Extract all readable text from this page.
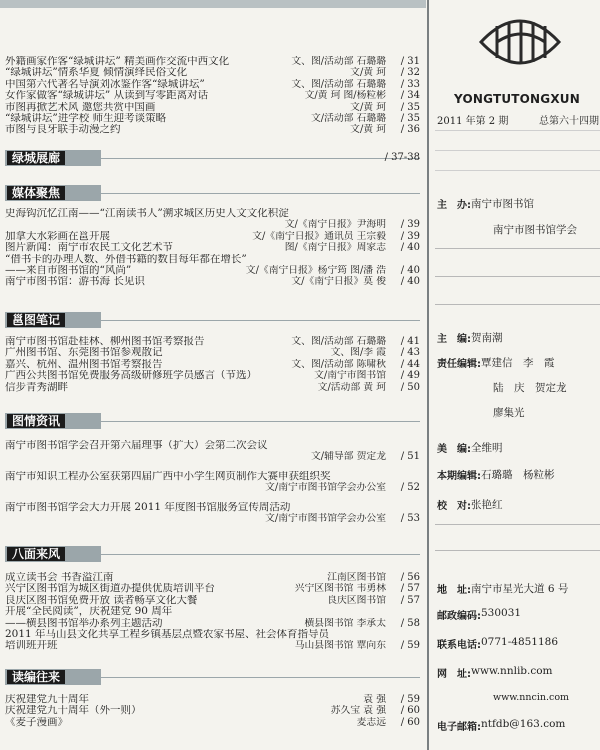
外籍画家作客“绿城讲坛” 精美画作交流中西文化	文、图/活动部 石璐璐	/ 31
“绿城讲坛”情系华夏 倾情演绎民俗文化	文/黄 珂	/ 32
中国第六代著名导演刘冰鉴作客“绿城讲坛”	文、图/活动部 石璐璐	/ 33
女作家做客“绿城讲坛” 从读到写零距离对话	文/黄 珂 图/杨粒彬	/ 34
市图再掀艺术风 邀您共赏中国画	文/黄 珂	/ 35
“绿城讲坛”进学校 师生迎考谈策略	文/活动部 石璐璐	/ 35
市图与良牙联手动漫之约	文/黄 珂	/ 36
绿城展廊	/ 37-38
媒体聚焦
史海钩沉忆江南——“江南读书人”溯求城区历史人文文化积淀
文/《南宁日报》尹海明	/ 39
加拿大水彩画在邕开展	文/《南宁日报》通讯员 王宗毅	/ 39
图片新闻：南宁市农民工文化艺术节	图/《南宁日报》周家志	/ 40
“借书卡的办理人数、外借书籍的数目每年都在增长”
——来自市图书馆的“风尚”	文/《南宁日报》杨宁筠 图/潘 浩	/ 40
南宁市图书馆：游书海 长见识	文/《南宁日报》莫 俊	/ 40
邕图笔记
南宁市图书馆赴桂林、柳州图书馆考察报告	文、图/活动部 石璐璐	/ 41
广州图书馆、东莞图书馆参观散记	文、图/李 霞	/ 43
嘉兴、杭州、温州图书馆考察报告	文、图/活动部 陈啸秋	/ 44
广西公共图书馆免费服务高级研修班学员感言（节选）	文/南宁市图书馆	/ 49
信步青秀湖畔	文/活动部 黄 珂	/ 50
图情资讯
南宁市图书馆学会召开第六届理事（扩大）会第二次会议
文/辅导部 贺定龙	/ 51
南宁市知识工程办公室获第四届广西中小学生网页制作大赛申获组织奖
文/南宁市图书馆学会办公室	/ 52
南宁市图书馆学会大力开展 2011 年度图书馆服务宣传周活动
文/南宁市图书馆学会办公室	/ 53
八面来风
成立读书会 书香溢江南	江南区图书馆	/ 56
兴宁区图书馆为城区街道办提供优质培训平台	兴宁区图书馆 韦勇林	/ 57
良庆区图书馆免费开放 读者畅享文化大餐	良庆区图书馆	/ 57
开展“全民阅读”，庆祝建党 90 周年
——横县图书馆举办系列主题活动	横县图书馆 李承太	/ 58
2011 年马山县文化共享工程乡镇基层点暨农家书屋、社会体育指导员
培训班开班	马山县图书馆 覃向东	/ 59
读编往来
庆祝建党九十周年	袁 强	/ 59
庆祝建党九十周年（外一则）	苏久宝 袁 强	/ 60
《麦子漫画》	麦志远	/ 60
YONGTUTONGXUN
2011 年第 2 期	总第六十四期
主　办: 南宁市图书馆
南宁市图书馆学会
主　编: 贺南潮
责任编辑: 覃建信　李　霞
陆　庆　贺定龙
廖集光
美　编: 全维明
本期编辑: 石璐璐　杨粒彬
校　对: 张艳红
地　址: 南宁市星光大道 6 号
邮政编码: 530031
联系电话: 0771-4851186
网　址: www.nnlib.com
www.nncin.com
电子邮箱: ntfdb@163.com
